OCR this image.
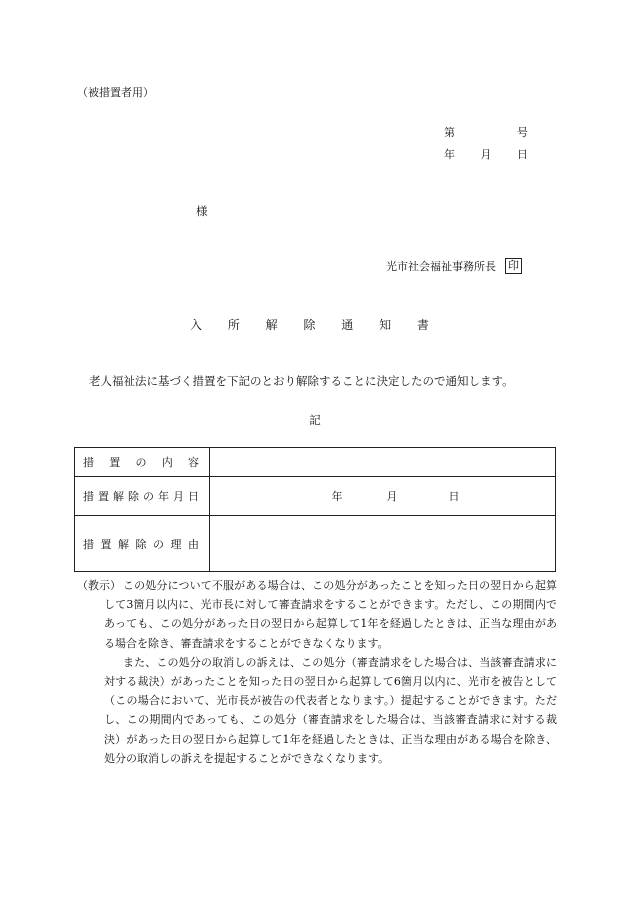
（被措置者用）
第	号
年 月 日
様
光市社会福祉事務所長 印
入 所 解 除 通 知 書
老人福祉法に基づく措置を下記のとおり解除することに決定したので通知します。
記
措 置 の 内 容	
措置解除の年月日	年 月 日

措 置 解 除 の 理 由	
（教示） この処分について不服がある場合は、この処分があったことを知った日の翌日から起算して3箇月以内に、光市長に対して審査請求をすることができます。ただし、この期間内であっても、この処分があった日の翌日から起算して1年を経過したときは、正当な理由がある場合を除き、審査請求をすることができなくなります。

また、この処分の取消しの訴えは、この処分（審査請求をした場合は、当該審査請求に対する裁決）があったことを知った日の翌日から起算して6箇月以内に、光市を被告として（この場合において、光市長が被告の代表者となります。）提起することができます。ただし、この期間内であっても、この処分（審査請求をした場合は、当該審査請求に対する裁決）があった日の翌日から起算して1年を経過したときは、正当な理由がある場合を除き、処分の取消しの訴えを提起することができなくなります。
